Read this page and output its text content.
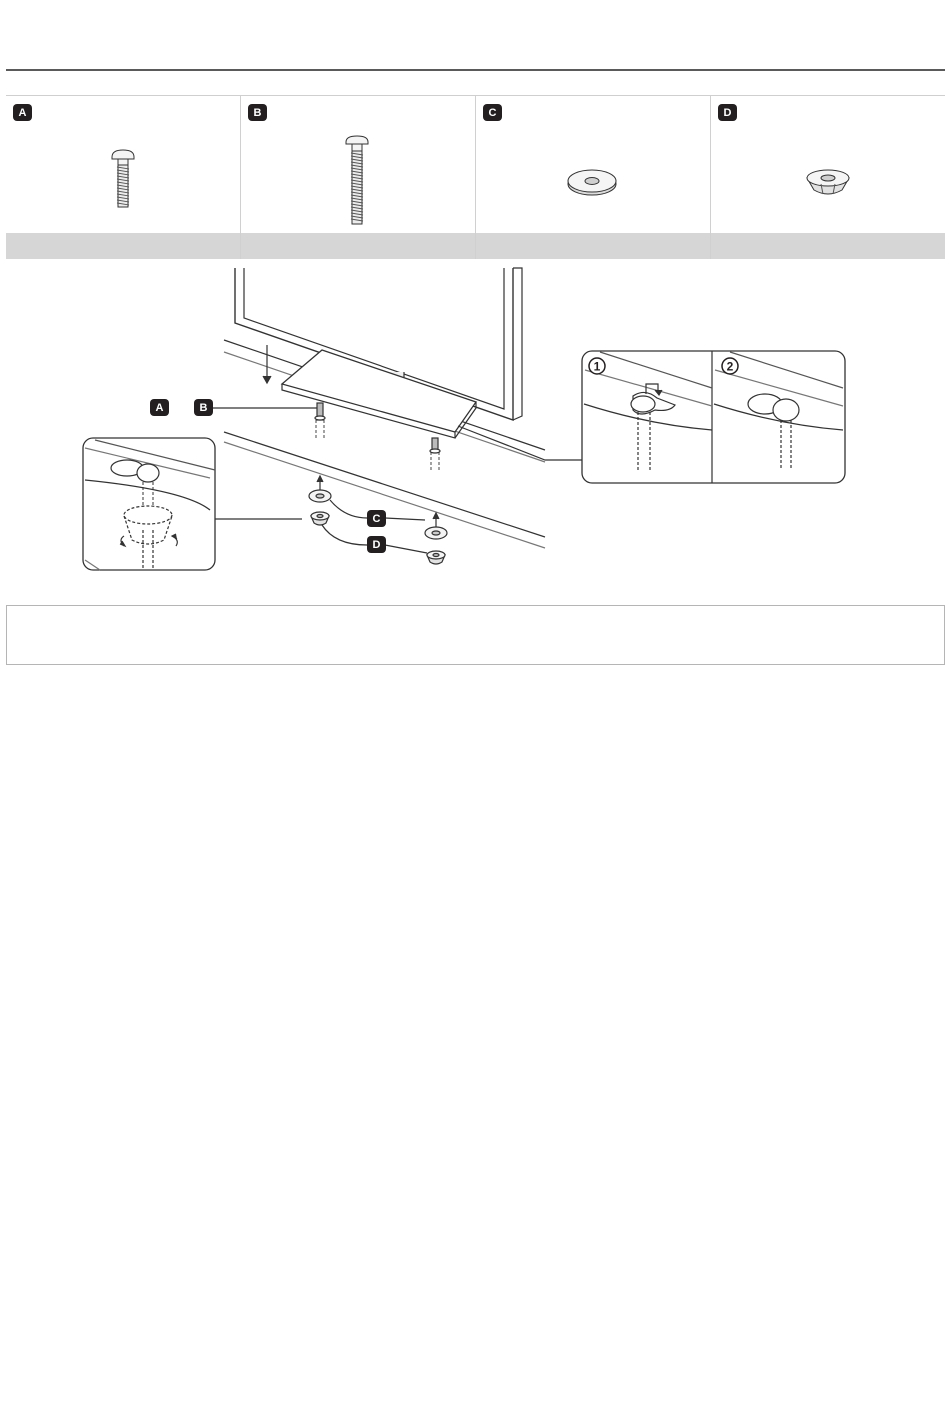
A	B	C	D
1	2
A	B
C
D
